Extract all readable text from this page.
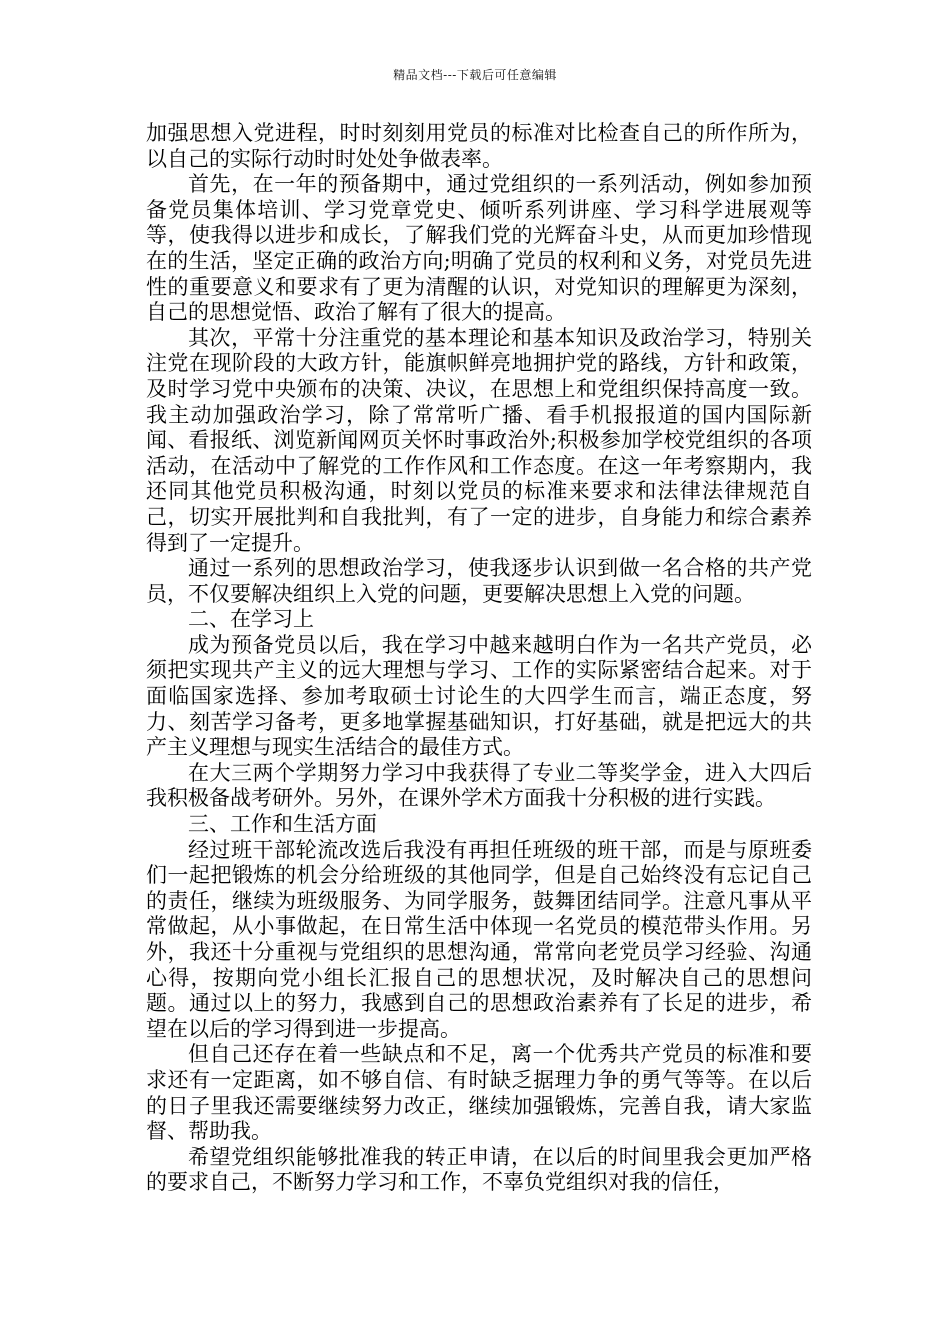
精品文档---下载后可任意编辑

加强思想入党进程，时时刻刻用党员的标准对比检查自己的所作所为，以自己的实际行动时时处处争做表率。

首先，在一年的预备期中，通过党组织的一系列活动，例如参加预备党员集体培训、学习党章党史、倾听系列讲座、学习科学进展观等等，使我得以进步和成长，了解我们党的光辉奋斗史，从而更加珍惜现在的生活，坚定正确的政治方向;明确了党员的权利和义务，对党员先进性的重要意义和要求有了更为清醒的认识，对党知识的理解更为深刻，自己的思想觉悟、政治了解有了很大的提高。

其次，平常十分注重党的基本理论和基本知识及政治学习，特别关注党在现阶段的大政方针，能旗帜鲜亮地拥护党的路线，方针和政策，及时学习党中央颁布的决策、决议，在思想上和党组织保持高度一致。我主动加强政治学习，除了常常听广播、看手机报报道的国内国际新闻、看报纸、浏览新闻网页关怀时事政治外;积极参加学校党组织的各项活动，在活动中了解党的工作作风和工作态度。在这一年考察期内，我还同其他党员积极沟通，时刻以党员的标准来要求和法律法律规范自己，切实开展批判和自我批判，有了一定的进步，自身能力和综合素养得到了一定提升。

通过一系列的思想政治学习，使我逐步认识到做一名合格的共产党员，不仅要解决组织上入党的问题，更要解决思想上入党的问题。

二、在学习上

成为预备党员以后，我在学习中越来越明白作为一名共产党员，必须把实现共产主义的远大理想与学习、工作的实际紧密结合起来。对于面临国家选择、参加考取硕士讨论生的大四学生而言，端正态度，努力、刻苦学习备考，更多地掌握基础知识，打好基础，就是把远大的共产主义理想与现实生活结合的最佳方式。

在大三两个学期努力学习中我获得了专业二等奖学金，进入大四后我积极备战考研外。另外，在课外学术方面我十分积极的进行实践。

三、工作和生活方面

经过班干部轮流改选后我没有再担任班级的班干部，而是与原班委们一起把锻炼的机会分给班级的其他同学，但是自己始终没有忘记自己的责任，继续为班级服务、为同学服务，鼓舞团结同学。注意凡事从平常做起，从小事做起，在日常生活中体现一名党员的模范带头作用。另外，我还十分重视与党组织的思想沟通，常常向老党员学习经验、沟通心得，按期向党小组长汇报自己的思想状况，及时解决自己的思想问题。通过以上的努力，我感到自己的思想政治素养有了长足的进步，希望在以后的学习得到进一步提高。

但自己还存在着一些缺点和不足，离一个优秀共产党员的标准和要求还有一定距离，如不够自信、有时缺乏据理力争的勇气等等。在以后的日子里我还需要继续努力改正，继续加强锻炼，完善自我，请大家监督、帮助我。

希望党组织能够批准我的转正申请，在以后的时间里我会更加严格的要求自己，不断努力学习和工作，不辜负党组织对我的信任，
